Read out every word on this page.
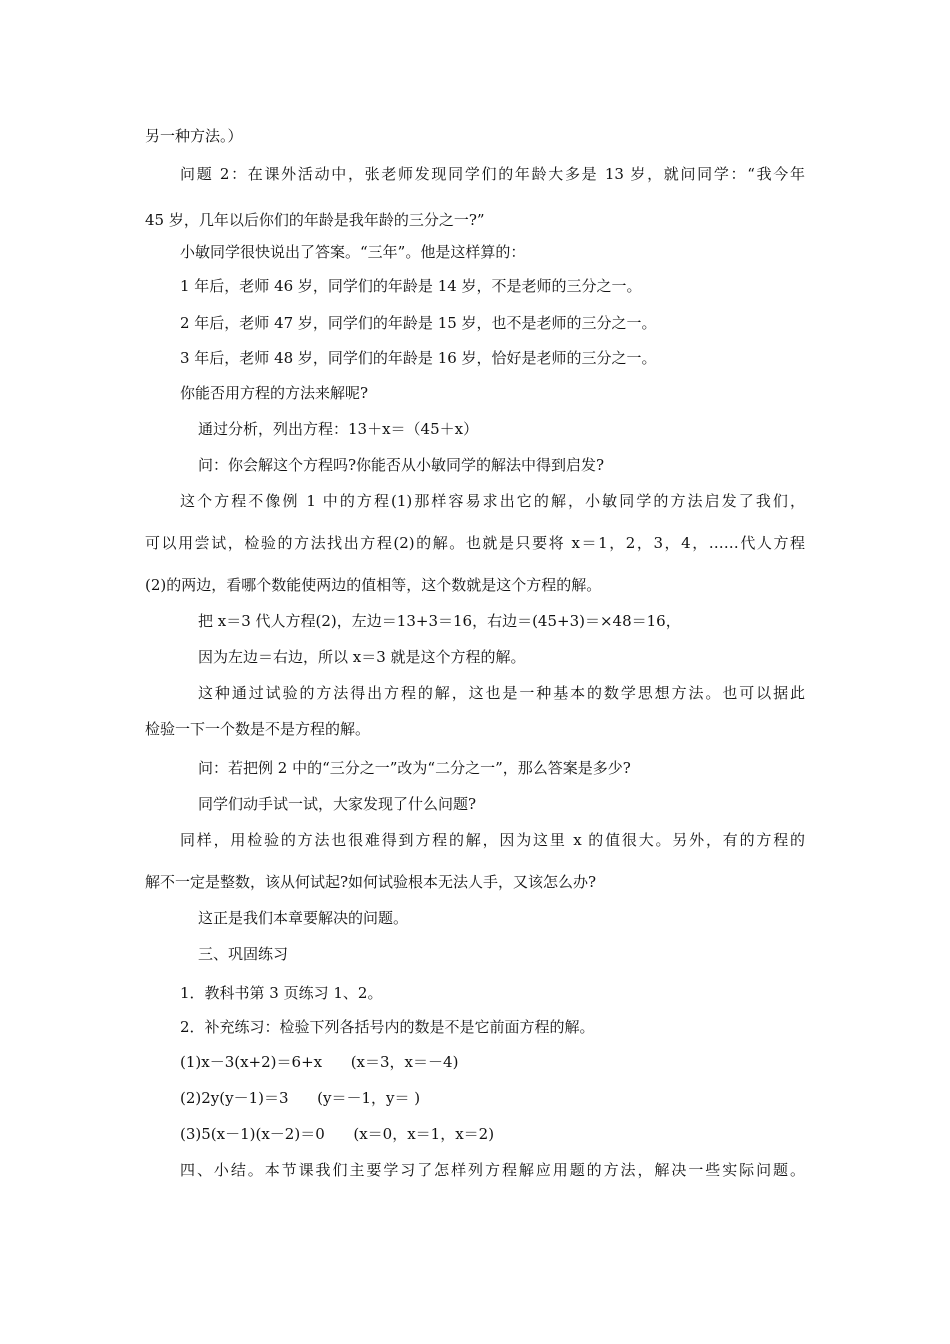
另一种方法。）
问题 2：在课外活动中，张老师发现同学们的年龄大多是 13 岁，就问同学：“我今年
45 岁，几年以后你们的年龄是我年龄的三分之一?”
小敏同学很快说出了答案。“三年”。他是这样算的：
1 年后，老师 46 岁，同学们的年龄是 14 岁，不是老师的三分之一。
2 年后，老师 47 岁，同学们的年龄是 15 岁，也不是老师的三分之一。
3 年后，老师 48 岁，同学们的年龄是 16 岁，恰好是老师的三分之一。
你能否用方程的方法来解呢?
通过分析，列出方程：13＋x＝（45＋x）
问：你会解这个方程吗?你能否从小敏同学的解法中得到启发?
这个方程不像例 1 中的方程(1)那样容易求出它的解，小敏同学的方法启发了我们，
可以用尝试，检验的方法找出方程(2)的解。也就是只要将 x＝1，2，3，4，……代人方程
(2)的两边，看哪个数能使两边的值相等，这个数就是这个方程的解。
把 x＝3 代人方程(2)，左边＝13+3＝16，右边＝(45+3)＝×48＝16，
因为左边＝右边，所以 x＝3 就是这个方程的解。
这种通过试验的方法得出方程的解，这也是一种基本的数学思想方法。也可以据此
检验一下一个数是不是方程的解。
问：若把例 2 中的“三分之一”改为“二分之一”，那么答案是多少?
同学们动手试一试，大家发现了什么问题?
同样，用检验的方法也很难得到方程的解，因为这里 x 的值很大。另外，有的方程的
解不一定是整数，该从何试起?如何试验根本无法人手，又该怎么办?
这正是我们本章要解决的问题。
三、巩固练习
1．教科书第 3 页练习 1、2。
2．补充练习：检验下列各括号内的数是不是它前面方程的解。
(1)x－3(x+2)＝6+x      (x＝3，x＝－4)
(2)2y(y－1)＝3      (y＝－1，y＝ )
(3)5(x－1)(x－2)＝0      (x＝0，x＝1，x＝2)
四、小结。本节课我们主要学习了怎样列方程解应用题的方法，解决一些实际问题。
